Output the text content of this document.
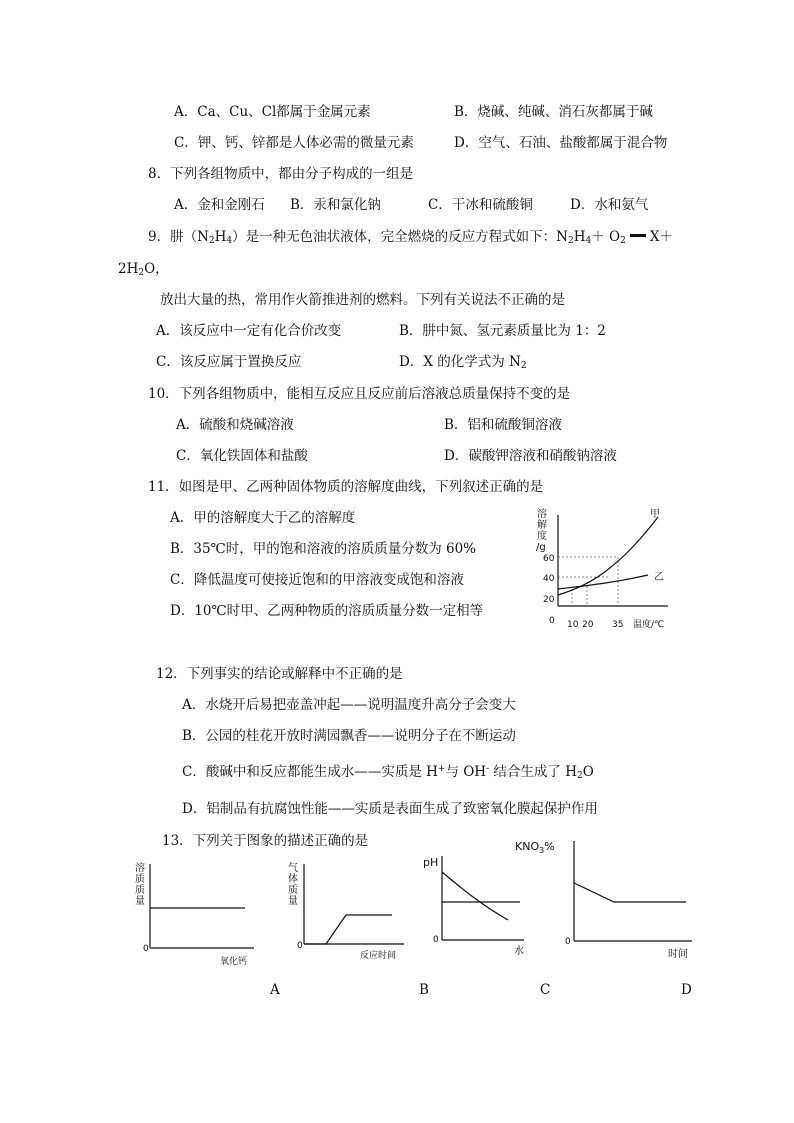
A．Ca、Cu、Cl都属于金属元素	B．烧碱、纯碱、消石灰都属于碱
C．钾、钙、锌都是人体必需的微量元素	D．空气、石油、盐酸都属于混合物
8．下列各组物质中，都由分子构成的一组是
A．金和金刚石 B．汞和氯化钠	C．干冰和硫酸铜	D．水和氨气
9．肼$(N_2H_4)$是一种无色油状液体，完全燃烧的反应方程式如下：$N_2H_4+ O_2$ X＋
$2H_2O$，
放出大量的热，常用作火箭推进剂的燃料。下列有关说法不正确的是
A．该反应中一定有化合价改变	B．肼中氮、氢元素质量比为 1：2
C．该反应属于置换反应	D．X 的化学式为 $N_2$
10．下列各组物质中，能相互反应且反应前后溶液总质量保持不变的是
A．硫酸和烧碱溶液	B．铝和硫酸铜溶液
C．氧化铁固体和盐酸	D．碳酸钾溶液和硝酸钠溶液
11．如图是甲、乙两种固体物质的溶解度曲线，下列叙述正确的是
A．甲的溶解度大于乙的溶解度
B．35℃时，甲的饱和溶液的溶质质量分数为 60%
C．降低温度可使接近饱和的甲溶液变成饱和溶液
D．10℃时甲、乙两种物质的溶质质量分数一定相等
溶
解
度
/g
甲
乙
60
40
20
0 10 20 35 温度/℃
12．下列事实的结论或解释中不正确的是
A．水烧开后易把壶盖冲起——说明温度升高分子会变大
B．公园的桂花开放时满园飘香——说明分子在不断运动
C．酸碱中和反应都能生成水——实质是 H+与 OH- 结合生成了 $H_2O$
D．铝制品有抗腐蚀性能——实质是表面生成了致密氧化膜起保护作用
13．下列关于图象的描述正确的是
溶
质
质
量
0
氧化钙
气
体
质
量
0
反应时间
pH
0
水
$KNO_3\%$
0
时间
A	B	C	D
